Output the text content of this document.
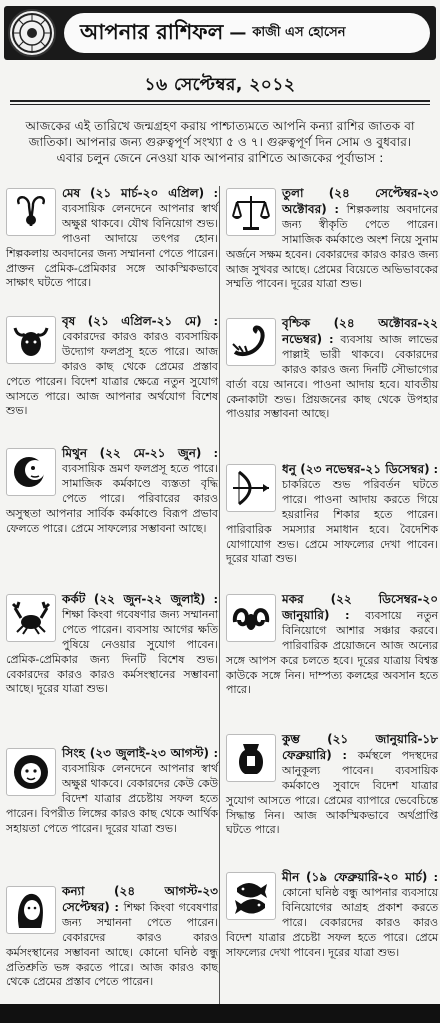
আপনার রাশিফল — কাজী এস হোসেন
১৬ সেপ্টেম্বর, ২০১২
আজকের এই তারিখে জন্মগ্রহণ করায় পাশ্চাত্যমতে আপনি কন্যা রাশির জাতক বা জাতিকা। আপনার জন্য গুরুত্বপূর্ণ সংখ্যা ৫ ও ৭। গুরুত্বপূর্ণ দিন সোম ও বুধবার। এবার চলুন জেনে নেওয়া যাক আপনার রাশিতে আজকের পূর্বাভাস :
মেষ (২১ মার্চ-২০ এপ্রিল) : ব্যবসায়িক লেনদেনে আপনার স্বার্থ অক্ষুণ্ণ থাকবে। যৌথ বিনিয়োগ শুভ। পাওনা আদায়ে তৎপর হোন। শিল্পকলায় অবদানের জন্য সম্মাননা পেতে পারেন। প্রাক্তন প্রেমিক-প্রেমিকার সঙ্গে আকস্মিকভাবে সাক্ষাৎ ঘটতে পারে।
বৃষ (২১ এপ্রিল-২১ মে) : বেকারদের কারও কারও ব্যবসায়িক উদ্যোগ ফলপ্রসূ হতে পারে। আজ কারও কাছ থেকে প্রেমের প্রস্তাব পেতে পারেন। বিদেশ যাত্রার ক্ষেত্রে নতুন সুযোগ আসতে পারে। আজ আপনার অর্থযোগ বিশেষ শুভ।
মিথুন (২২ মে-২১ জুন) : ব্যবসায়িক ভ্রমণ ফলপ্রসূ হতে পারে। সামাজিক কর্মকাণ্ডে ব্যস্ততা বৃদ্ধি পেতে পারে। পরিবারের কারও অসুস্থতা আপনার সার্বিক কর্মকাণ্ডে বিরূপ প্রভাব ফেলতে পারে। প্রেমে সাফল্যের সম্ভাবনা আছে।
কর্কট (২২ জুন-২২ জুলাই) : শিক্ষা কিংবা গবেষণার জন্য সম্মাননা পেতে পারেন। ব্যবসায় আগের ক্ষতি পুষিয়ে নেওয়ার সুযোগ পাবেন। প্রেমিক-প্রেমিকার জন্য দিনটি বিশেষ শুভ। বেকারদের কারও কারও কর্মসংস্থানের সম্ভাবনা আছে। দূরের যাত্রা শুভ।
সিংহ (২৩ জুলাই-২৩ আগস্ট) : ব্যবসায়িক লেনদেনে আপনার স্বার্থ অক্ষুণ্ণ থাকবে। বেকারদের কেউ কেউ বিদেশ যাত্রার প্রচেষ্টায় সফল হতে পারেন। বিপরীত লিঙ্গের কারও কাছ থেকে আর্থিক সহায়তা পেতে পারেন। দূরের যাত্রা শুভ।
কন্যা (২৪ আগস্ট-২৩ সেপ্টেম্বর) : শিক্ষা কিংবা গবেষণার জন্য সম্মাননা পেতে পারেন। বেকারদের কারও কারও কর্মসংস্থানের সম্ভাবনা আছে। কোনো ঘনিষ্ঠ বন্ধু প্রতিশ্রুতি ভঙ্গ করতে পারে। আজ কারও কাছ থেকে প্রেমের প্রস্তাব পেতে পারেন।
তুলা (২৪ সেপ্টেম্বর-২৩ অক্টোবর) : শিল্পকলায় অবদানের জন্য স্বীকৃতি পেতে পারেন। সামাজিক কর্মকাণ্ডে অংশ নিয়ে সুনাম অর্জনে সক্ষম হবেন। বেকারদের কারও কারও জন্য আজ সুখবর আছে। প্রেমের বিয়েতে অভিভাবকের সম্মতি পাবেন। দূরের যাত্রা শুভ।
বৃশ্চিক (২৪ অক্টোবর-২২ নভেম্বর) : ব্যবসায় আজ লাভের পাল্লাই ভারী থাকবে। বেকারদের কারও কারও জন্য দিনটি সৌভাগ্যের বার্তা বয়ে আনবে। পাওনা আদায় হবে। যাবতীয় কেনাকাটা শুভ। প্রিয়জনের কাছ থেকে উপহার পাওয়ার সম্ভাবনা আছে।
ধনু (২৩ নভেম্বর-২১ ডিসেম্বর) : চাকরিতে শুভ পরিবর্তন ঘটতে পারে। পাওনা আদায় করতে গিয়ে হয়রানির শিকার হতে পারেন। পারিবারিক সমস্যার সমাধান হবে। বৈদেশিক যোগাযোগ শুভ। প্রেমে সাফল্যের দেখা পাবেন। দূরের যাত্রা শুভ।
মকর (২২ ডিসেম্বর-২০ জানুয়ারি) : ব্যবসায়ে নতুন বিনিয়োগে আশার সঞ্চার করবে। পারিবারিক প্রয়োজনে আজ অন্যের সঙ্গে আপস করে চলতে হবে। দূরের যাত্রায় বিশ্বস্ত কাউকে সঙ্গে নিন। দাম্পত্য কলহের অবসান হতে পারে।
কুম্ভ (২১ জানুয়ারি-১৮ ফেব্রুয়ারি) : কর্মস্থলে পদস্থদের আনুকূল্য পাবেন। ব্যবসায়িক কর্মকাণ্ডে সুবাদে বিদেশ যাত্রার সুযোগ আসতে পারে। প্রেমের ব্যাপারে ভেবেচিন্তে সিদ্ধান্ত নিন। আজ আকস্মিকভাবে অর্থপ্রাপ্তি ঘটতে পারে।
মীন (১৯ ফেব্রুয়ারি-২০ মার্চ) : কোনো ঘনিষ্ঠ বন্ধু আপনার ব্যবসায়ে বিনিয়োগের আগ্রহ প্রকাশ করতে পারে। বেকারদের কারও কারও বিদেশ যাত্রার প্রচেষ্টা সফল হতে পারে। প্রেমে সাফল্যের দেখা পাবেন। দূরের যাত্রা শুভ।
